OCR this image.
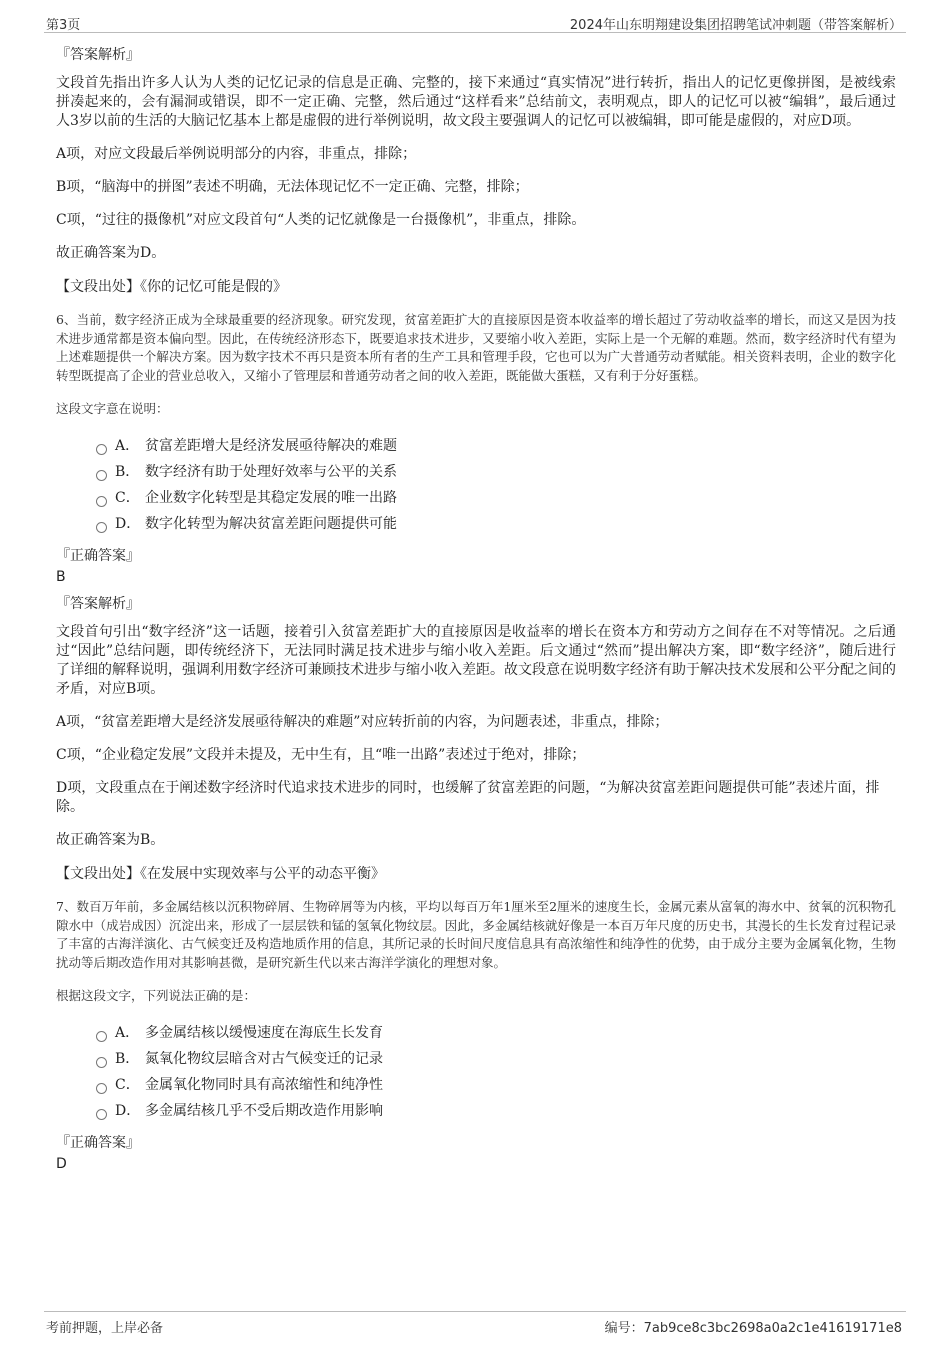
第3页	2024年山东明翔建设集团招聘笔试冲刺题（带答案解析）

『答案解析』

文段首先指出许多人认为人类的记忆记录的信息是正确、完整的，接下来通过“真实情况”进行转折，指出人的记忆更像拼图，是被线索拼凑起来的，会有漏洞或错误，即不一定正确、完整，然后通过“这样看来”总结前文，表明观点，即人的记忆可以被“编辑”，最后通过人3岁以前的生活的大脑记忆基本上都是虚假的进行举例说明，故文段主要强调人的记忆可以被编辑，即可能是虚假的，对应D项。

A项，对应文段最后举例说明部分的内容，非重点，排除；

B项，“脑海中的拼图”表述不明确，无法体现记忆不一定正确、完整，排除；

C项，“过往的摄像机”对应文段首句“人类的记忆就像是一台摄像机”，非重点，排除。

故正确答案为D。

【文段出处】《你的记忆可能是假的》

6、当前，数字经济正成为全球最重要的经济现象。研究发现，贫富差距扩大的直接原因是资本收益率的增长超过了劳动收益率的增长，而这又是因为技术进步通常都是资本偏向型。因此，在传统经济形态下，既要追求技术进步，又要缩小收入差距，实际上是一个无解的难题。然而，数字经济时代有望为上述难题提供一个解决方案。因为数字技术不再只是资本所有者的生产工具和管理手段，它也可以为广大普通劳动者赋能。相关资料表明，企业的数字化转型既提高了企业的营业总收入，又缩小了管理层和普通劳动者之间的收入差距，既能做大蛋糕，又有利于分好蛋糕。

这段文字意在说明：

A． 贫富差距增大是经济发展亟待解决的难题
B． 数字经济有助于处理好效率与公平的关系
C． 企业数字化转型是其稳定发展的唯一出路
D． 数字化转型为解决贫富差距问题提供可能

『正确答案』

B

『答案解析』

文段首句引出“数字经济”这一话题，接着引入贫富差距扩大的直接原因是收益率的增长在资本方和劳动方之间存在不对等情况。之后通过“因此”总结问题，即传统经济下，无法同时满足技术进步与缩小收入差距。后文通过“然而”提出解决方案，即“数字经济”，随后进行了详细的解释说明，强调利用数字经济可兼顾技术进步与缩小收入差距。故文段意在说明数字经济有助于解决技术发展和公平分配之间的矛盾，对应B项。

A项，“贫富差距增大是经济发展亟待解决的难题”对应转折前的内容，为问题表述，非重点，排除；

C项，“企业稳定发展”文段并未提及，无中生有，且“唯一出路”表述过于绝对，排除；

D项，文段重点在于阐述数字经济时代追求技术进步的同时，也缓解了贫富差距的问题，“为解决贫富差距问题提供可能”表述片面，排除。

故正确答案为B。

【文段出处】《在发展中实现效率与公平的动态平衡》

7、数百万年前，多金属结核以沉积物碎屑、生物碎屑等为内核，平均以每百万年1厘米至2厘米的速度生长，金属元素从富氧的海水中、贫氧的沉积物孔隙水中（成岩成因）沉淀出来，形成了一层层铁和锰的氢氧化物纹层。因此，多金属结核就好像是一本百万年尺度的历史书，其漫长的生长发育过程记录了丰富的古海洋演化、古气候变迁及构造地质作用的信息，其所记录的长时间尺度信息具有高浓缩性和纯净性的优势，由于成分主要为金属氧化物，生物扰动等后期改造作用对其影响甚微，是研究新生代以来古海洋学演化的理想对象。

根据这段文字，下列说法正确的是：

A． 多金属结核以缓慢速度在海底生长发育
B． 氮氧化物纹层暗含对古气候变迁的记录
C． 金属氧化物同时具有高浓缩性和纯净性
D． 多金属结核几乎不受后期改造作用影响

『正确答案』

D

考前押题，上岸必备	编号：7ab9ce8c3bc2698a0a2c1e41619171e8
